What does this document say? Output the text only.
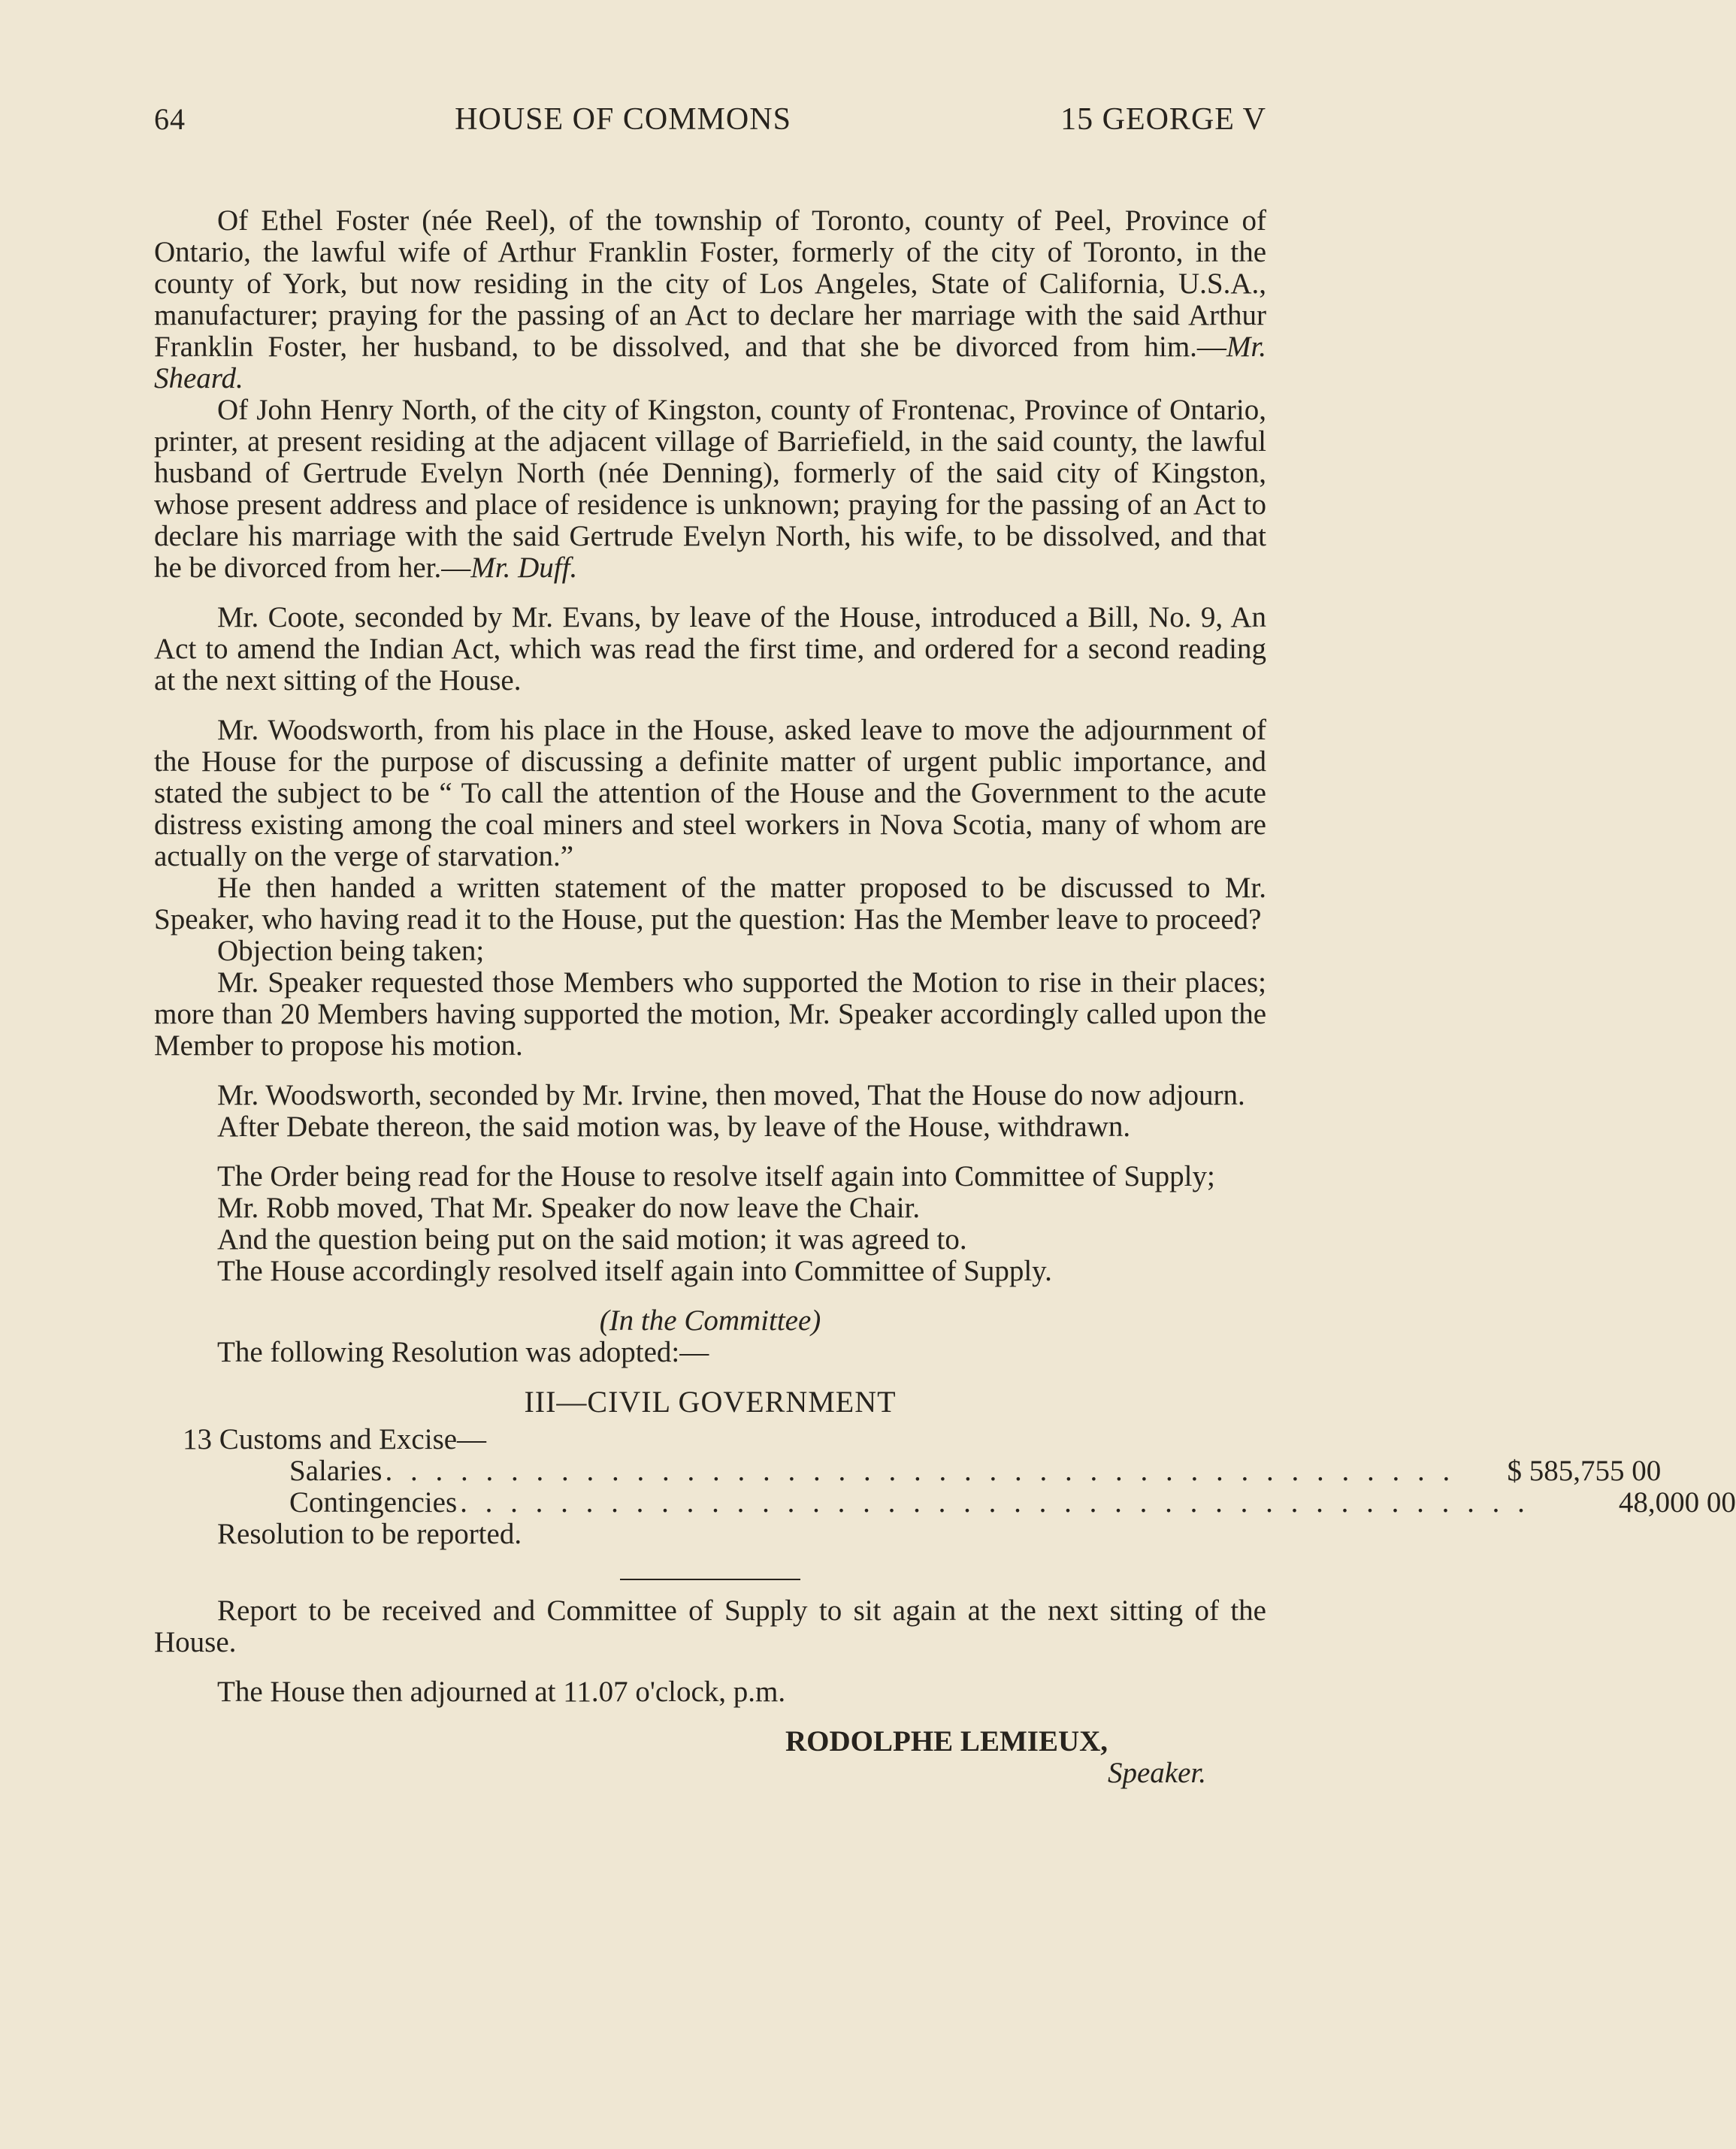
64	HOUSE OF COMMONS	15 GEORGE V

Of Ethel Foster (née Reel), of the township of Toronto, county of Peel, Province of Ontario, the lawful wife of Arthur Franklin Foster, formerly of the city of Toronto, in the county of York, but now residing in the city of Los Angeles, State of California, U.S.A., manufacturer; praying for the passing of an Act to declare her marriage with the said Arthur Franklin Foster, her husband, to be dissolved, and that she be divorced from him.—Mr. Sheard.

Of John Henry North, of the city of Kingston, county of Frontenac, Province of Ontario, printer, at present residing at the adjacent village of Barriefield, in the said county, the lawful husband of Gertrude Evelyn North (née Denning), formerly of the said city of Kingston, whose present address and place of residence is unknown; praying for the passing of an Act to declare his marriage with the said Gertrude Evelyn North, his wife, to be dissolved, and that he be divorced from her.—Mr. Duff.

Mr. Coote, seconded by Mr. Evans, by leave of the House, introduced a Bill, No. 9, An Act to amend the Indian Act, which was read the first time, and ordered for a second reading at the next sitting of the House.

Mr. Woodsworth, from his place in the House, asked leave to move the adjournment of the House for the purpose of discussing a definite matter of urgent public importance, and stated the subject to be “ To call the attention of the House and the Government to the acute distress existing among the coal miners and steel workers in Nova Scotia, many of whom are actually on the verge of starvation.”

He then handed a written statement of the matter proposed to be discussed to Mr. Speaker, who having read it to the House, put the question: Has the Member leave to proceed?

Objection being taken;

Mr. Speaker requested those Members who supported the Motion to rise in their places; more than 20 Members having supported the motion, Mr. Speaker accordingly called upon the Member to propose his motion.

Mr. Woodsworth, seconded by Mr. Irvine, then moved, That the House do now adjourn.

After Debate thereon, the said motion was, by leave of the House, withdrawn.

The Order being read for the House to resolve itself again into Committee of Supply;

Mr. Robb moved, That Mr. Speaker do now leave the Chair.

And the question being put on the said motion; it was agreed to.

The House accordingly resolved itself again into Committee of Supply.

(In the Committee)

The following Resolution was adopted:—

III—CIVIL GOVERNMENT

13 Customs and Excise—

Salaries . . . . . . . . . . . . . . . . . . . . . . . . . . . . . . . . . . . . . . . . . . .	$ 585,755 00
Contingencies . . . . . . . . . . . . . . . . . . . . . . . . . . . . . . . . . . . . . . . . . . .	48,000 00

Resolution to be reported.

Report to be received and Committee of Supply to sit again at the next sitting of the House.

The House then adjourned at 11.07 o'clock, p.m.

RODOLPHE LEMIEUX,
Speaker.
